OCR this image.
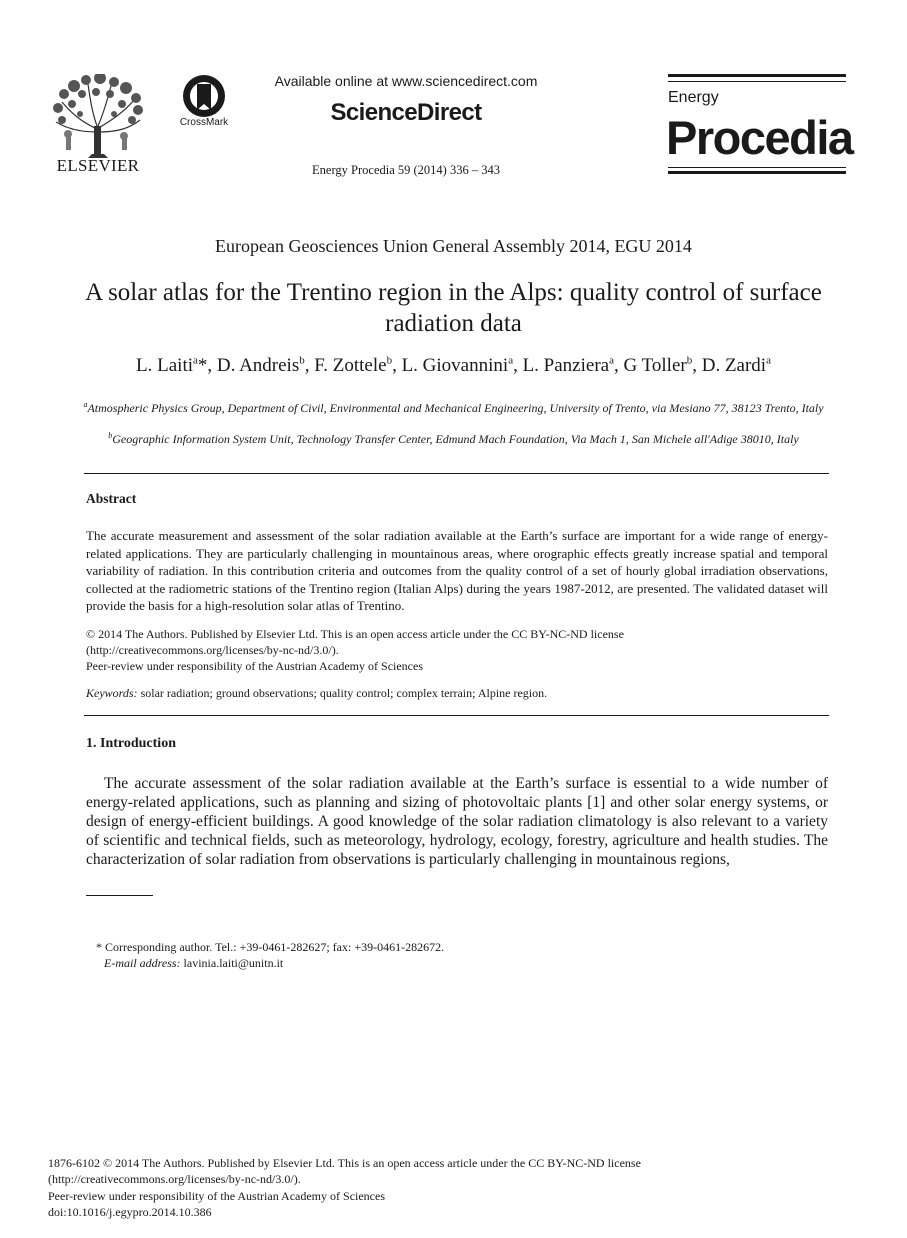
ELSEVIER
CrossMark
Available online at www.sciencedirect.com
ScienceDirect
Energy Procedia 59 (2014) 336 – 343
Energy
Procedia
European Geosciences Union General Assembly 2014, EGU 2014
A solar atlas for the Trentino region in the Alps: quality control of surface radiation data
L. Laiti$^a$*, D. Andreis$^b$, F. Zottele$^b$, L. Giovannini$^a$, L. Panziera$^a$, G Toller$^b$, D. Zardi$^a$
$^a$Atmospheric Physics Group, Department of Civil, Environmental and Mechanical Engineering, University of Trento, via Mesiano 77, 38123 Trento, Italy
$^b$Geographic Information System Unit, Technology Transfer Center, Edmund Mach Foundation, Via Mach 1, San Michele all'Adige 38010, Italy
Abstract
The accurate measurement and assessment of the solar radiation available at the Earth’s surface are important for a wide range of energy-related applications. They are particularly challenging in mountainous areas, where orographic effects greatly increase spatial and temporal variability of radiation. In this contribution criteria and outcomes from the quality control of a set of hourly global irradiation observations, collected at the radiometric stations of the Trentino region (Italian Alps) during the years 1987-2012, are presented. The validated dataset will provide the basis for a high-resolution solar atlas of Trentino.
© 2014 The Authors. Published by Elsevier Ltd. This is an open access article under the CC BY-NC-ND license
(http://creativecommons.org/licenses/by-nc-nd/3.0/).
Peer-review under responsibility of the Austrian Academy of Sciences
Keywords: solar radiation; ground observations; quality control; complex terrain; Alpine region.
1. Introduction
The accurate assessment of the solar radiation available at the Earth’s surface is essential to a wide number of energy-related applications, such as planning and sizing of photovoltaic plants [1] and other solar energy systems, or design of energy-efficient buildings. A good knowledge of the solar radiation climatology is also relevant to a variety of scientific and technical fields, such as meteorology, hydrology, ecology, forestry, agriculture and health studies. The characterization of solar radiation from observations is particularly challenging in mountainous regions,
* Corresponding author. Tel.: +39-0461-282627; fax: +39-0461-282672.
E-mail address: lavinia.laiti@unitn.it
1876-6102 © 2014 The Authors. Published by Elsevier Ltd. This is an open access article under the CC BY-NC-ND license
(http://creativecommons.org/licenses/by-nc-nd/3.0/).
Peer-review under responsibility of the Austrian Academy of Sciences
doi:10.1016/j.egypro.2014.10.386
